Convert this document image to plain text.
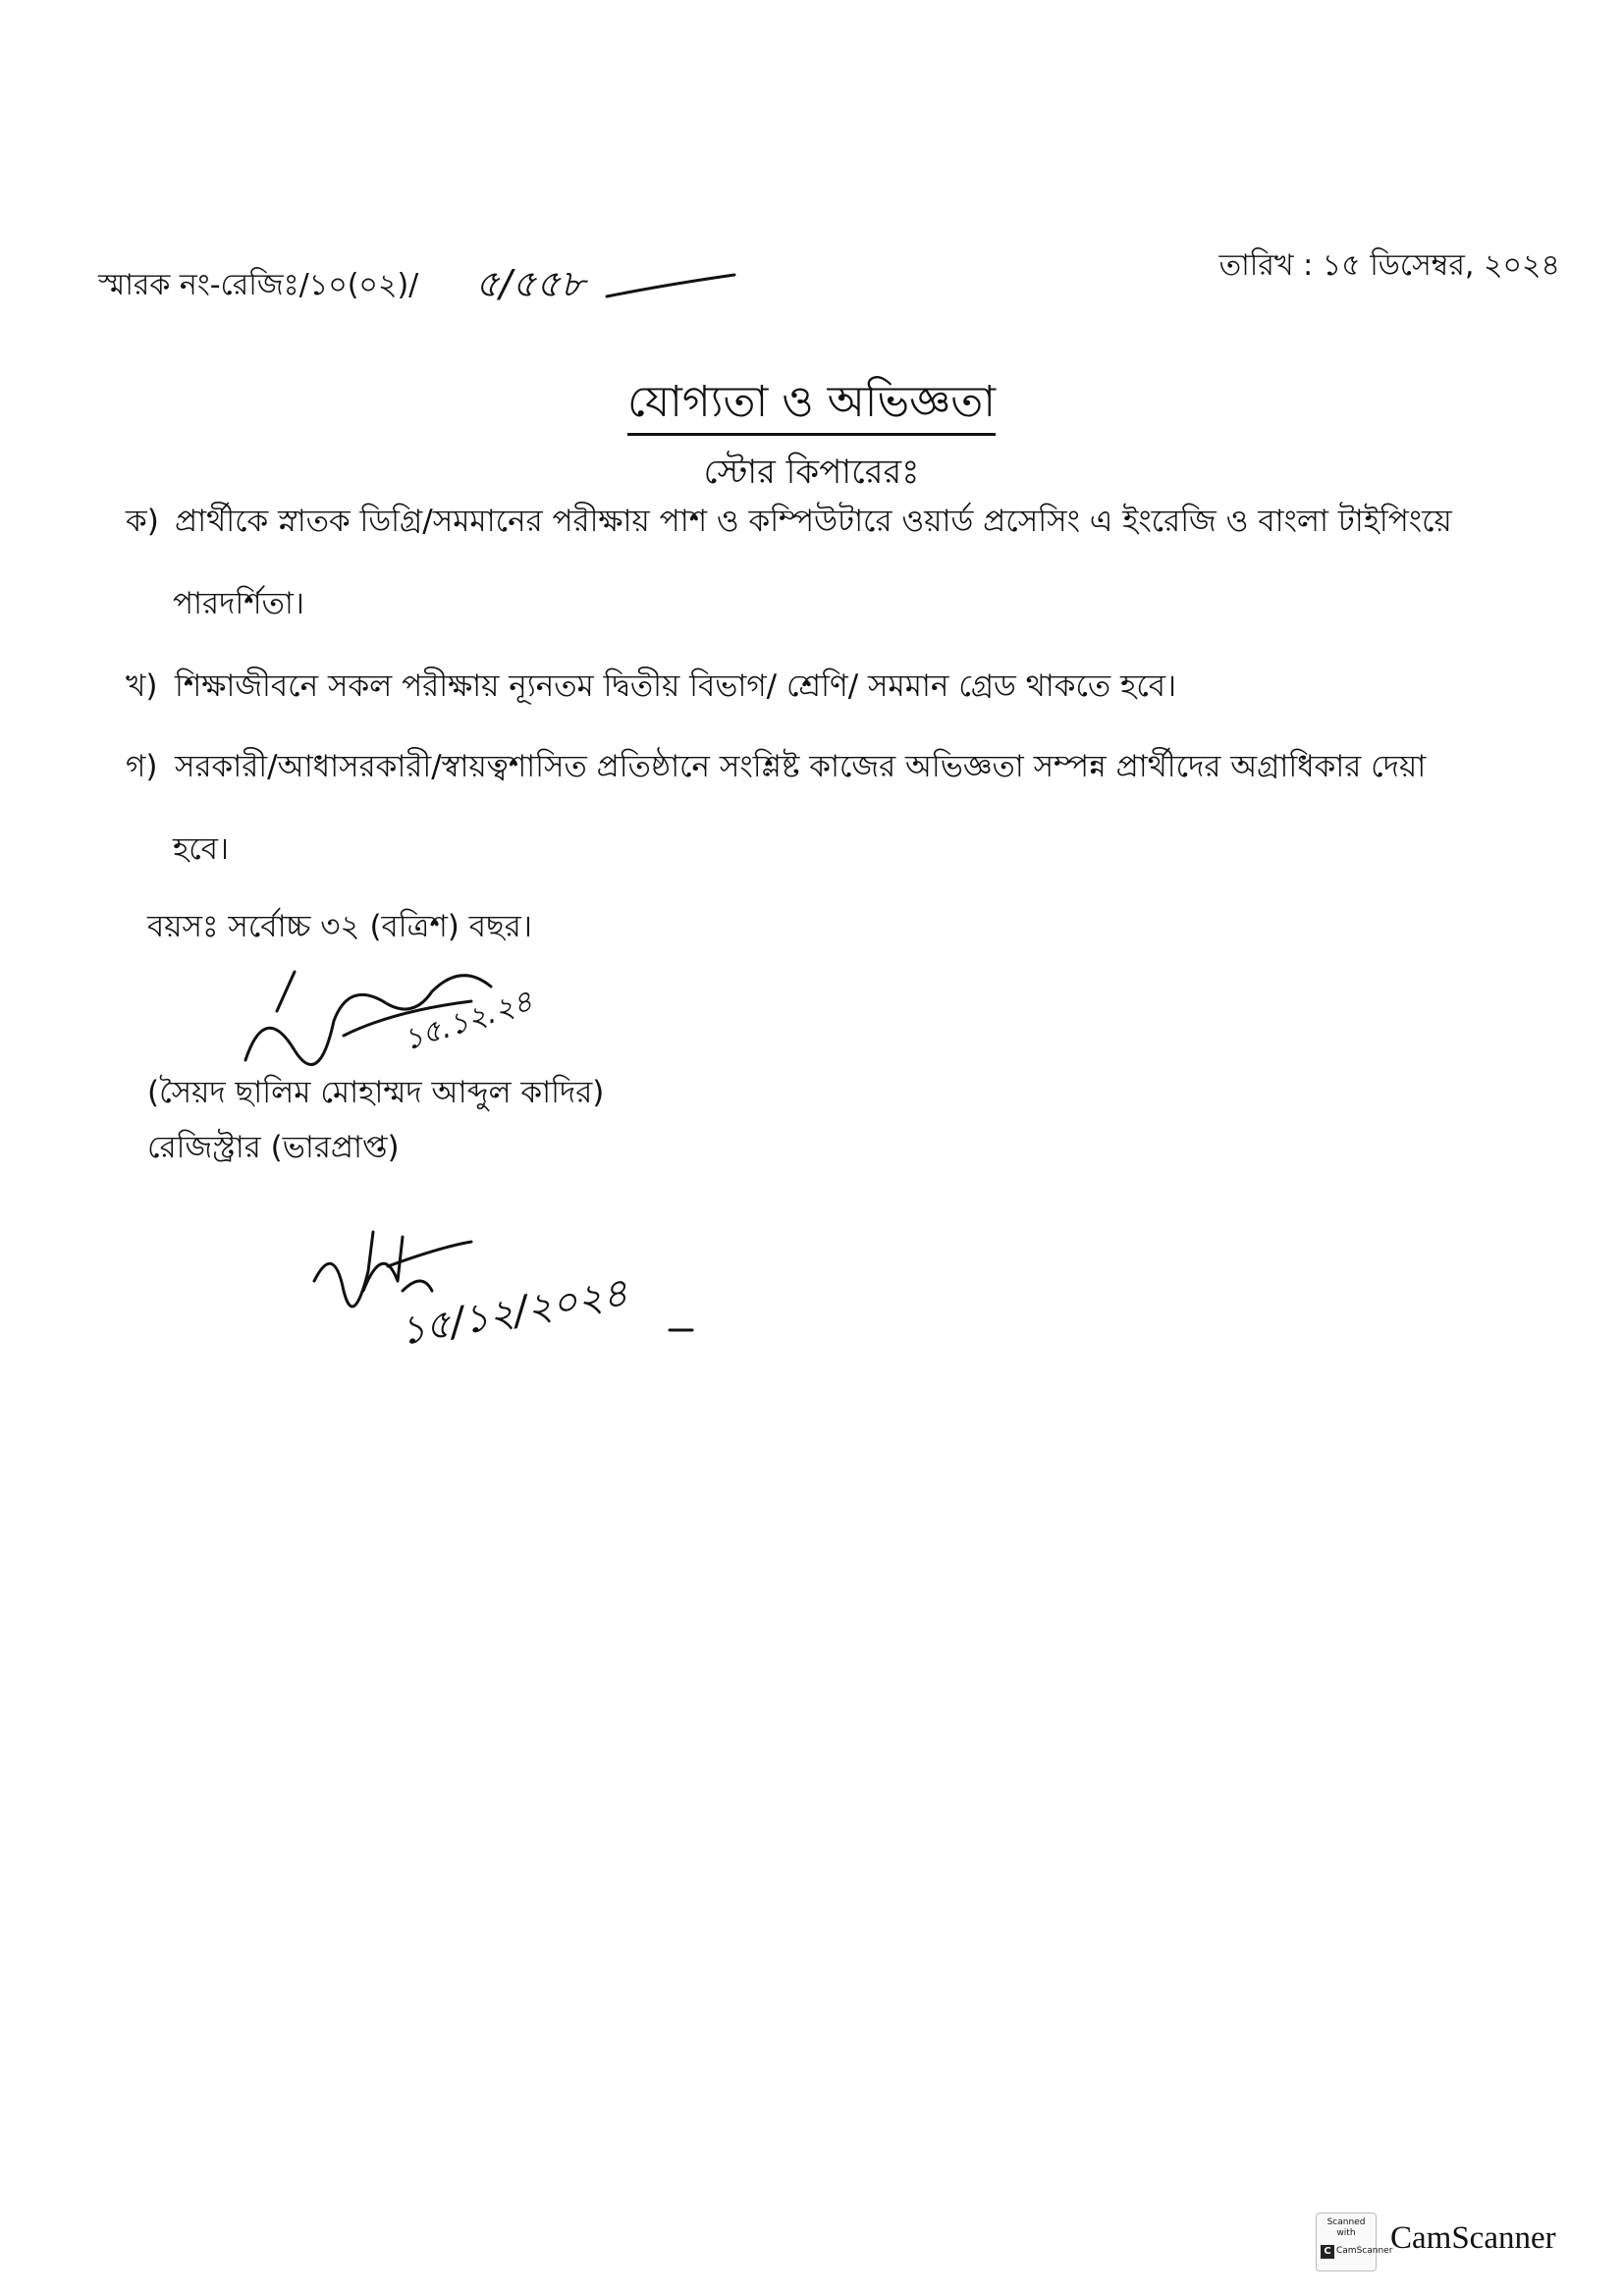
স্মারক নং-রেজিঃ/১০(০২)/ ৫/৫৫৮	তারিখ : ১৫ ডিসেম্বর, ২০২৪
যোগ্যতা ও অভিজ্ঞতা
স্টোর কিপারেরঃ
ক) প্রার্থীকে স্নাতক ডিগ্রি/সমমানের পরীক্ষায় পাশ ও কম্পিউটারে ওয়ার্ড প্রসেসিং এ ইংরেজি ও বাংলা টাইপিংয়ে
পারদর্শিতা।
খ) শিক্ষাজীবনে সকল পরীক্ষায় ন্যূনতম দ্বিতীয় বিভাগ/ শ্রেণি/ সমমান গ্রেড থাকতে হবে।
গ) সরকারী/আধাসরকারী/স্বায়ত্বশাসিত প্রতিষ্ঠানে সংশ্লিষ্ট কাজের অভিজ্ঞতা সম্পন্ন প্রার্থীদের অগ্রাধিকার দেয়া
হবে।
বয়সঃ সর্বোচ্চ ৩২ (বত্রিশ) বছর।
১৫.১২.২৪
(সৈয়দ ছালিম মোহাম্মদ আব্দুল কাদির)
রেজিস্ট্রার (ভারপ্রাপ্ত)
১৫/১২/২০২৪
Scanned with
C CamScanner
CamScanner
